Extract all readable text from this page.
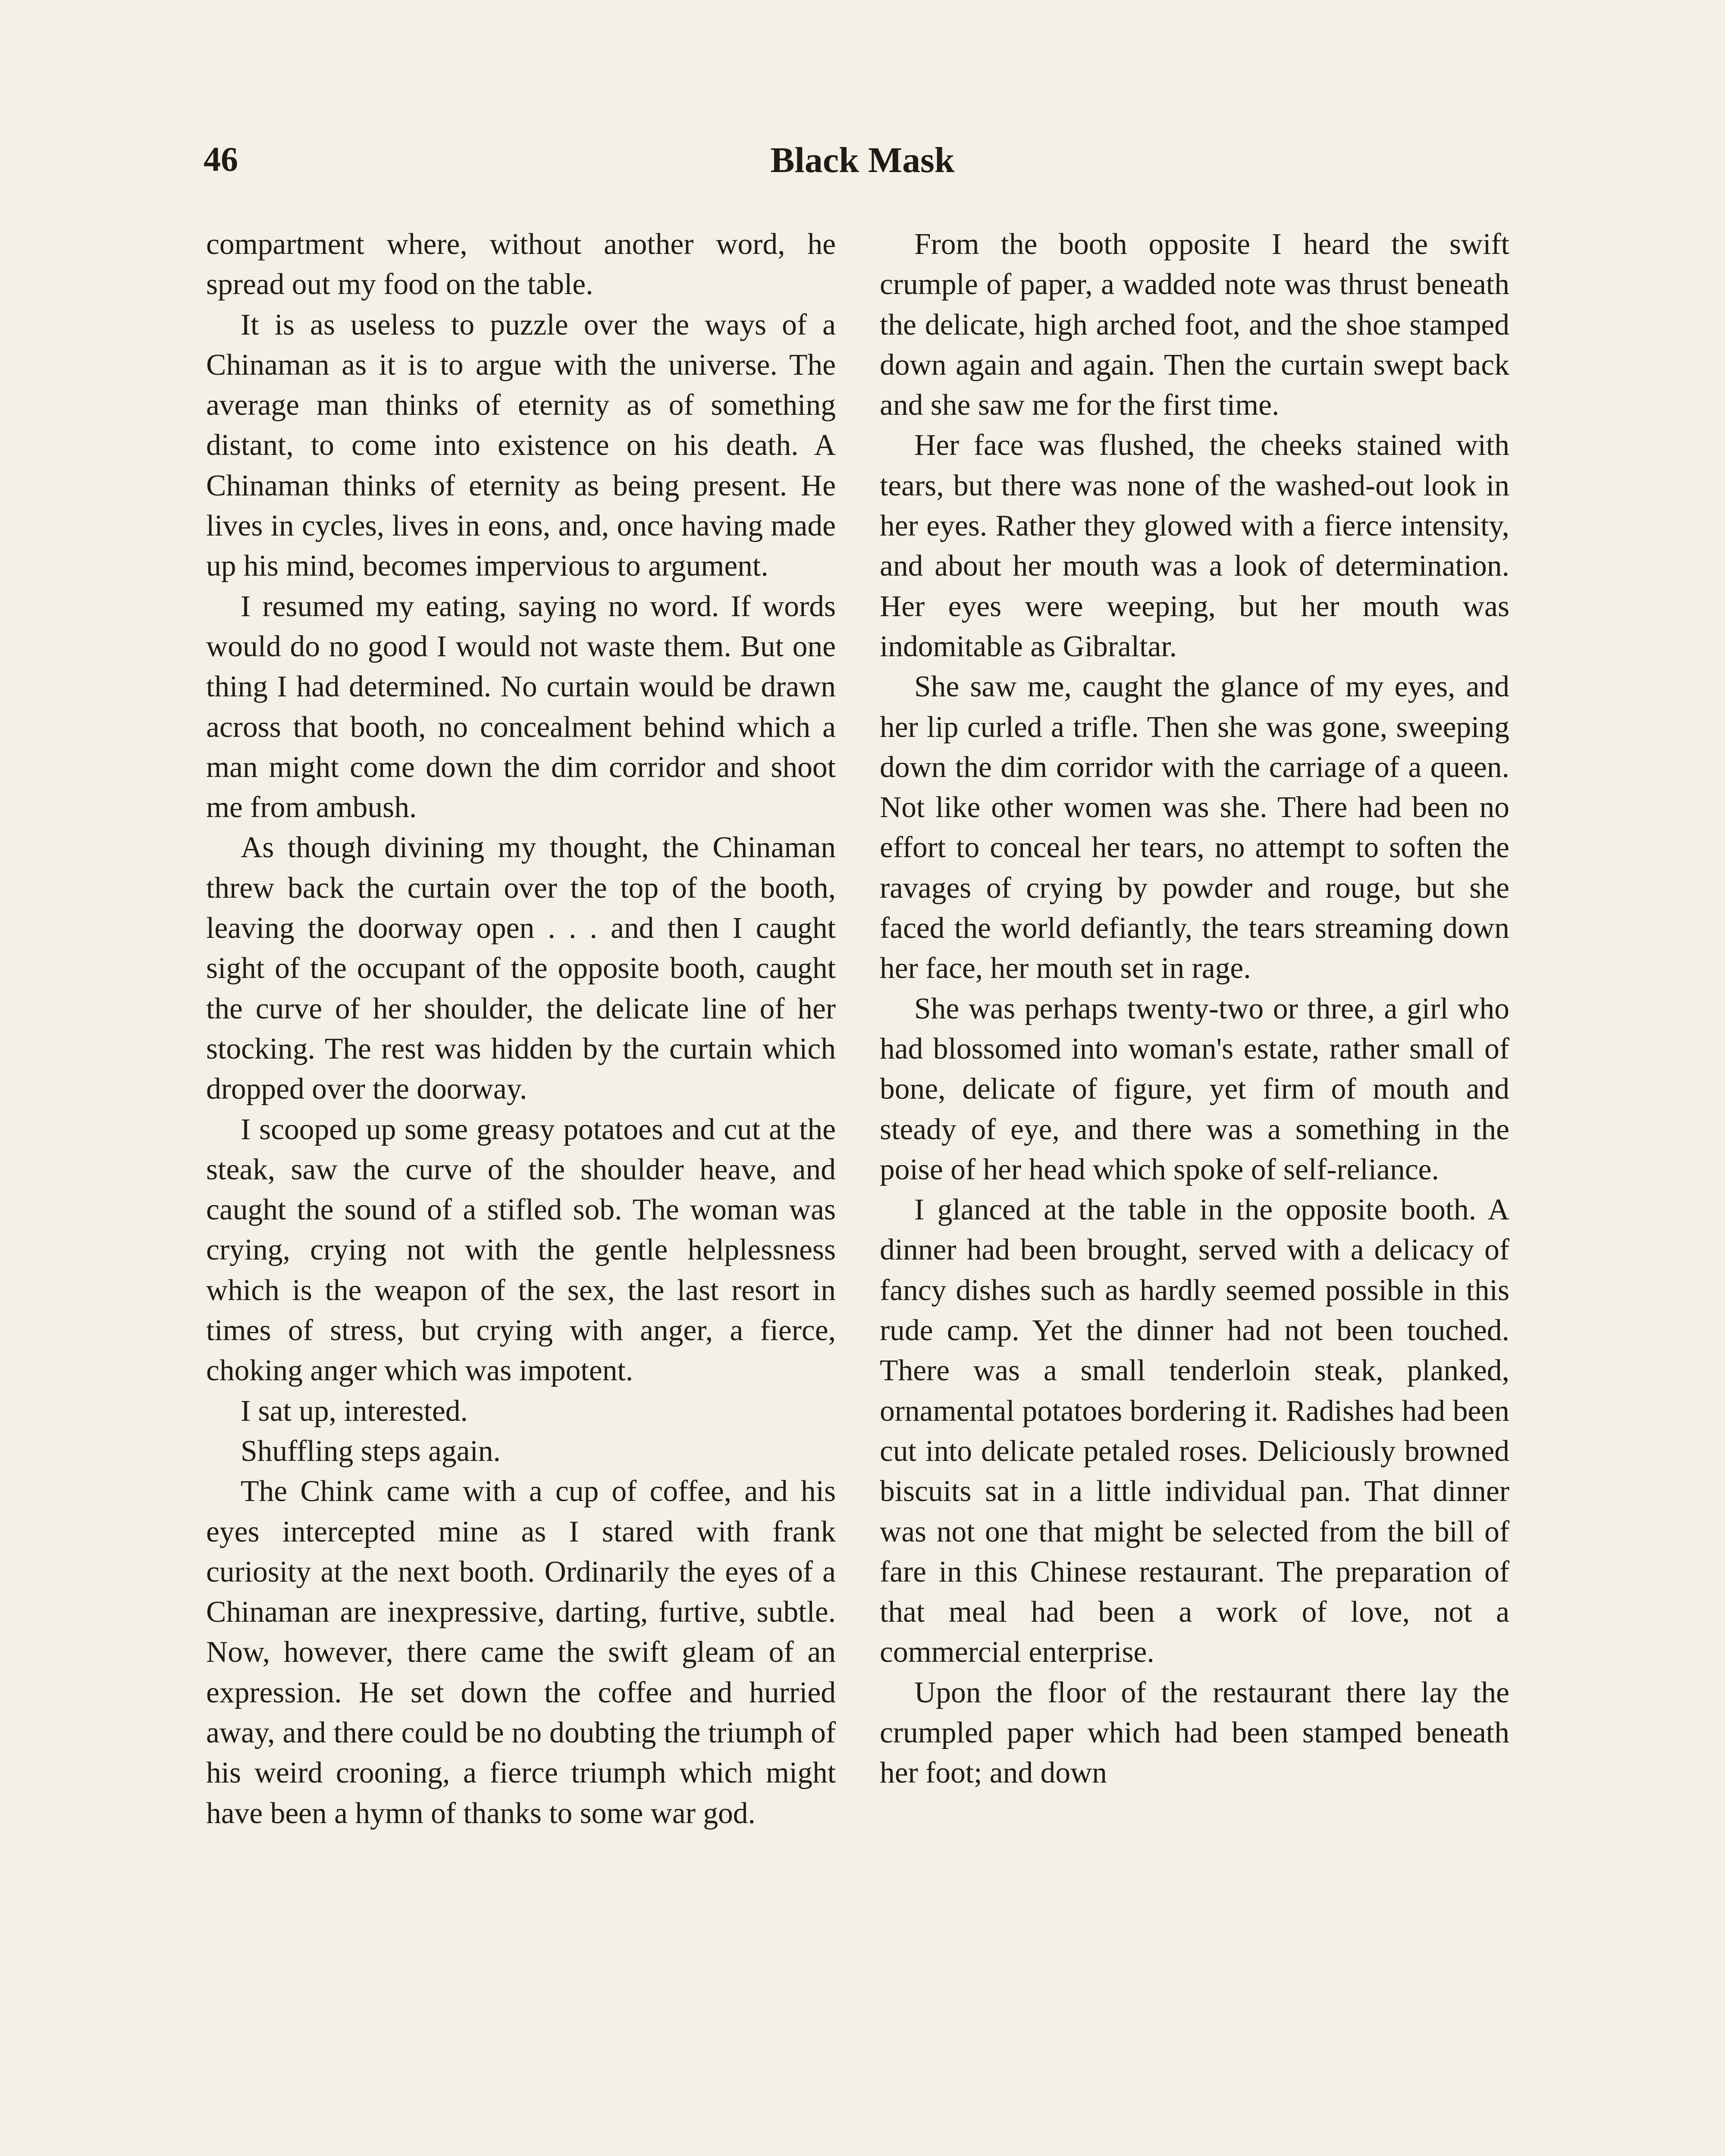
46	Black Mask

compartment where, without another word, he spread out my food on the table.

It is as useless to puzzle over the ways of a Chinaman as it is to argue with the universe. The average man thinks of eternity as of something distant, to come into existence on his death. A Chinaman thinks of eternity as being present. He lives in cycles, lives in eons, and, once having made up his mind, becomes impervious to argument.

I resumed my eating, saying no word. If words would do no good I would not waste them. But one thing I had determined. No curtain would be drawn across that booth, no concealment behind which a man might come down the dim corridor and shoot me from ambush.

As though divining my thought, the Chinaman threw back the curtain over the top of the booth, leaving the doorway open . . . and then I caught sight of the occupant of the opposite booth, caught the curve of her shoulder, the delicate line of her stocking. The rest was hidden by the curtain which dropped over the doorway.

I scooped up some greasy potatoes and cut at the steak, saw the curve of the shoulder heave, and caught the sound of a stifled sob. The woman was crying, crying not with the gentle helplessness which is the weapon of the sex, the last resort in times of stress, but crying with anger, a fierce, choking anger which was impotent.

I sat up, interested.

Shuffling steps again.

The Chink came with a cup of coffee, and his eyes intercepted mine as I stared with frank curiosity at the next booth. Ordinarily the eyes of a Chinaman are inexpressive, darting, furtive, subtle. Now, however, there came the swift gleam of an expression. He set down the coffee and hurried away, and there could be no doubting the triumph of his weird crooning, a fierce triumph which might have been a hymn of thanks to some war god.

From the booth opposite I heard the swift crumple of paper, a wadded note was thrust beneath the delicate, high arched foot, and the shoe stamped down again and again. Then the curtain swept back and she saw me for the first time.

Her face was flushed, the cheeks stained with tears, but there was none of the washed-out look in her eyes. Rather they glowed with a fierce intensity, and about her mouth was a look of determination. Her eyes were weeping, but her mouth was indomitable as Gibraltar.

She saw me, caught the glance of my eyes, and her lip curled a trifle. Then she was gone, sweeping down the dim corridor with the carriage of a queen. Not like other women was she. There had been no effort to conceal her tears, no attempt to soften the ravages of crying by powder and rouge, but she faced the world defiantly, the tears streaming down her face, her mouth set in rage.

She was perhaps twenty-two or three, a girl who had blossomed into woman's estate, rather small of bone, delicate of figure, yet firm of mouth and steady of eye, and there was a something in the poise of her head which spoke of self-reliance.

I glanced at the table in the opposite booth. A dinner had been brought, served with a delicacy of fancy dishes such as hardly seemed possible in this rude camp. Yet the dinner had not been touched. There was a small tenderloin steak, planked, ornamental potatoes bordering it. Radishes had been cut into delicate petaled roses. Deliciously browned biscuits sat in a little individual pan. That dinner was not one that might be selected from the bill of fare in this Chinese restaurant. The preparation of that meal had been a work of love, not a commercial enterprise.

Upon the floor of the restaurant there lay the crumpled paper which had been stamped beneath her foot; and down
